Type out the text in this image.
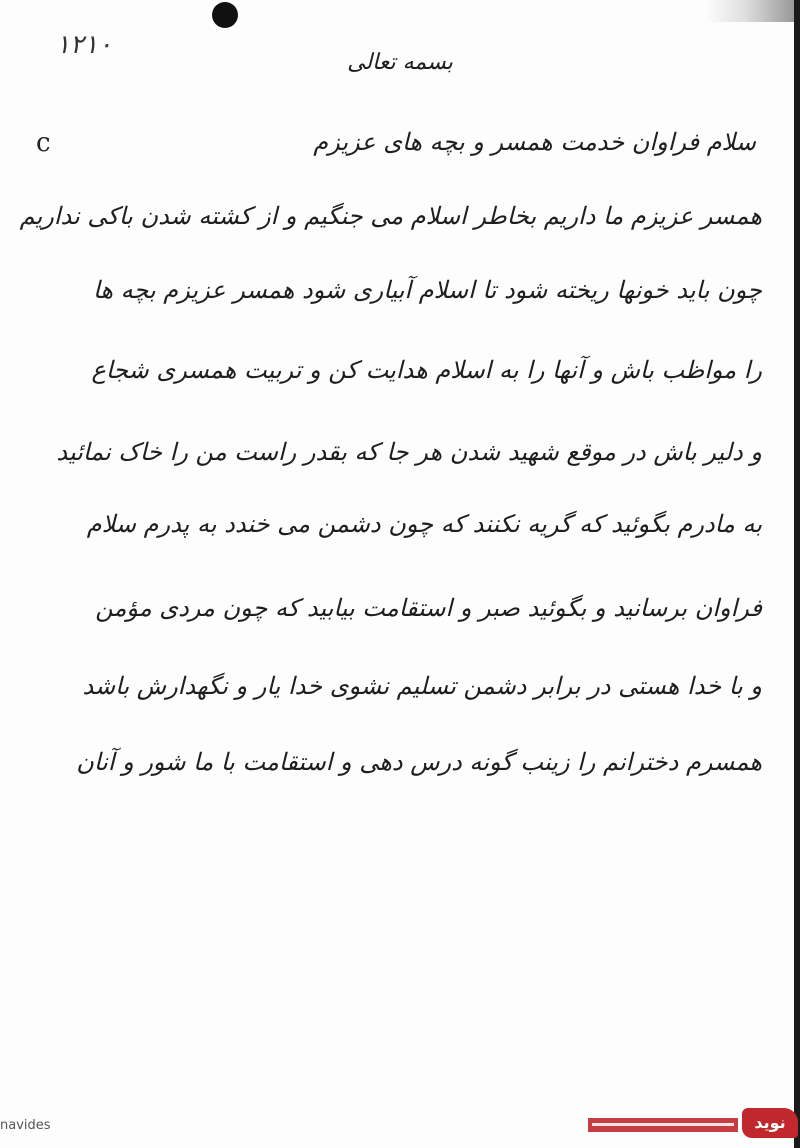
۱۲۱۰
بسمه تعالی
c	سلام فراوان خدمت همسر و بچه های عزیزم
همسر عزیزم ما داریم بخاطر اسلام می جنگیم و از کشته شدن باکی نداریم
چون باید خونها ریخته شود تا اسلام آبیاری شود همسر عزیزم بچه ها
را مواظب باش و آنها را به اسلام هدایت کن و تربیت همسری شجاع
و دلیر باش در موقع شهید شدن هر جا که بقدر راست من را خاک نمائید
به مادرم بگوئید که گریه نکنند که چون دشمن می خندد به پدرم سلام
فراوان برسانید و بگوئید صبر و استقامت بیابید که چون مردی مؤمن
و با خدا هستی در برابر دشمن تسلیم نشوی خدا یار و نگهدارش باشد
همسرم دخترانم را زینب گونه درس دهی و استقامت با ما شور و آنان
navides	نوید
